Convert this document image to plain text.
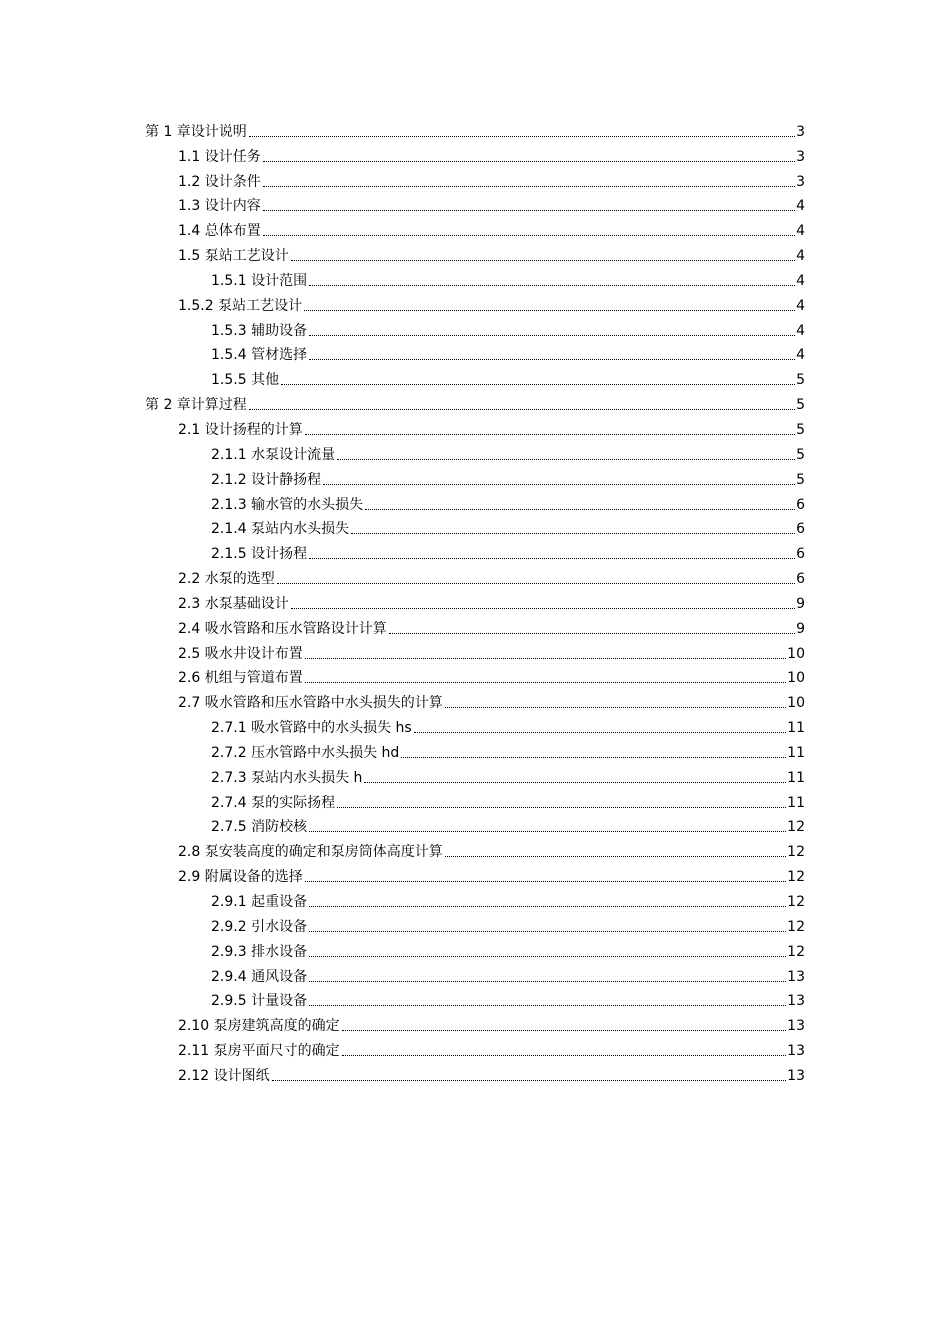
第 1 章设计说明	3
1.1 设计任务	3
1.2 设计条件	3
1.3 设计内容	4
1.4 总体布置	4
1.5 泵站工艺设计	4
1.5.1 设计范围	4
1.5.2 泵站工艺设计	4
1.5.3 辅助设备	4
1.5.4 管材选择	4
1.5.5 其他	5
第 2 章计算过程	5
2.1 设计扬程的计算	5
2.1.1 水泵设计流量	5
2.1.2 设计静扬程	5
2.1.3 输水管的水头损失	6
2.1.4 泵站内水头损失	6
2.1.5 设计扬程	6
2.2 水泵的选型	6
2.3 水泵基础设计	9
2.4 吸水管路和压水管路设计计算	9
2.5 吸水井设计布置	10
2.6 机组与管道布置	10
2.7 吸水管路和压水管路中水头损失的计算	10
2.7.1 吸水管路中的水头损失 hs	11
2.7.2 压水管路中水头损失 hd	11
2.7.3 泵站内水头损失 h	11
2.7.4 泵的实际扬程	11
2.7.5 消防校核	12
2.8 泵安装高度的确定和泵房筒体高度计算	12
2.9 附属设备的选择	12
2.9.1 起重设备	12
2.9.2 引水设备	12
2.9.3 排水设备	12
2.9.4 通风设备	13
2.9.5 计量设备	13
2.10 泵房建筑高度的确定	13
2.11 泵房平面尺寸的确定	13
2.12 设计图纸	13
